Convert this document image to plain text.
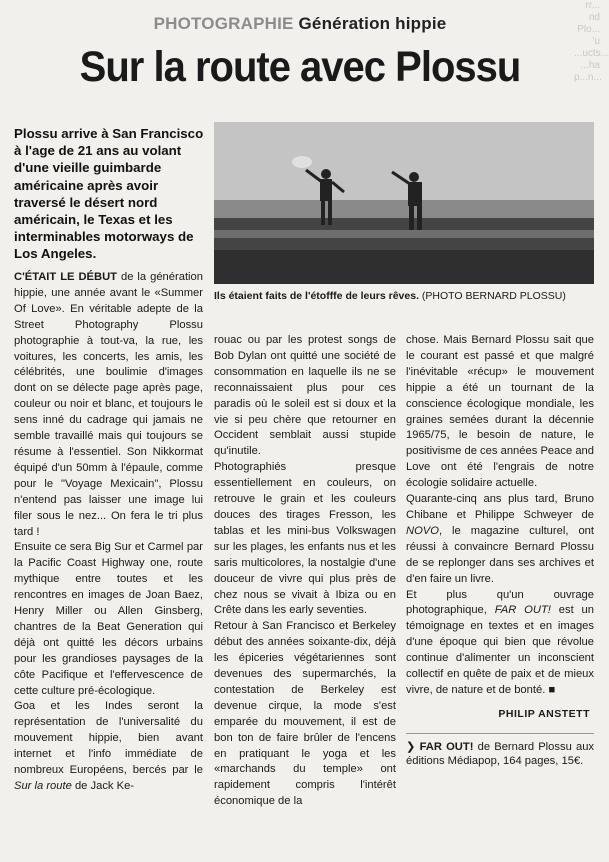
rr... nd Plo... 'u ...ucts... ...ha p...n...
PHOTOGRAPHIE Génération hippie
Sur la route avec Plossu
Plossu arrive à San Francisco à l'age de 21 ans au volant d'une vieille guimbarde américaine après avoir traversé le désert nord américain, le Texas et les interminables motorways de Los Angeles.
Ils étaient faits de l'étofffe de leurs rêves. (PHOTO BERNARD PLOSSU)

C'ÉTAIT LE DÉBUT de la génération hippie, une année avant le «Summer Of Love». En véritable adepte de la Street Photography Plossu photographie à tout-va, la rue, les voitures, les concerts, les amis, les célébrités, une boulimie d'images dont on se délecte page après page, couleur ou noir et blanc, et toujours le sens inné du cadrage qui jamais ne semble travaillé mais qui toujours se résume à l'essentiel. Son Nikkormat équipé d'un 50mm à l'épaule, comme pour le "Voyage Mexicain", Plossu n'entend pas laisser une image lui filer sous le nez... On fera le tri plus tard !

Ensuite ce sera Big Sur et Carmel par la Pacific Coast Highway one, route mythique entre toutes et les rencontres en images de Joan Baez, Henry Miller ou Allen Ginsberg, chantres de la Beat Generation qui déjà ont quitté les décors urbains pour les grandioses paysages de la côte Pacifique et l'effervescence de cette culture pré-écologique.

Goa et les Indes seront la représentation de l'universalité du mouvement hippie, bien avant internet et l'info immédiate de nombreux Européens, bercés par le Sur la route de Jack Ke-

rouac ou par les protest songs de Bob Dylan ont quitté une société de consommation en laquelle ils ne se reconnaissaient plus pour ces paradis où le soleil est si doux et la vie si peu chère que retourner en Occident semblait aussi stupide qu'inutile.

Photographiés presque essentiellement en couleurs, on retrouve le grain et les couleurs douces des tirages Fresson, les tablas et les mini-bus Volkswagen sur les plages, les enfants nus et les saris multicolores, la nostalgie d'une douceur de vivre qui plus près de chez nous se vivait à Ibiza ou en Crête dans les early seventies.

Retour à San Francisco et Berkeley début des années soixante-dix, déjà les épiceries végétariennes sont devenues des supermarchés, la contestation de Berkeley est devenue cirque, la mode s'est emparée du mouvement, il est de bon ton de faire brûler de l'encens en pratiquant le yoga et les «marchands du temple» ont rapidement compris l'intérêt économique de la

chose. Mais Bernard Plossu sait que le courant est passé et que malgré l'inévitable «récup» le mouvement hippie a été un tournant de la conscience écologique mondiale, les graines semées durant la décennie 1965/75, le besoin de nature, le positivisme de ces années Peace and Love ont été l'engrais de notre écologie solidaire actuelle.

Quarante-cinq ans plus tard, Bruno Chibane et Philippe Schweyer de NOVO, le magazine culturel, ont réussi à convaincre Bernard Plossu de se replonger dans ses archives et d'en faire un livre.

Et plus qu'un ouvrage photographique, FAR OUT! est un témoignage en textes et en images d'une époque qui bien que révolue continue d'alimenter un inconscient collectif en quête de paix et de mieux vivre, de nature et de bonté. ■

PHILIP ANSTETT
❯ FAR OUT! de Bernard Plossu aux éditions Médiapop, 164 pages, 15€.
